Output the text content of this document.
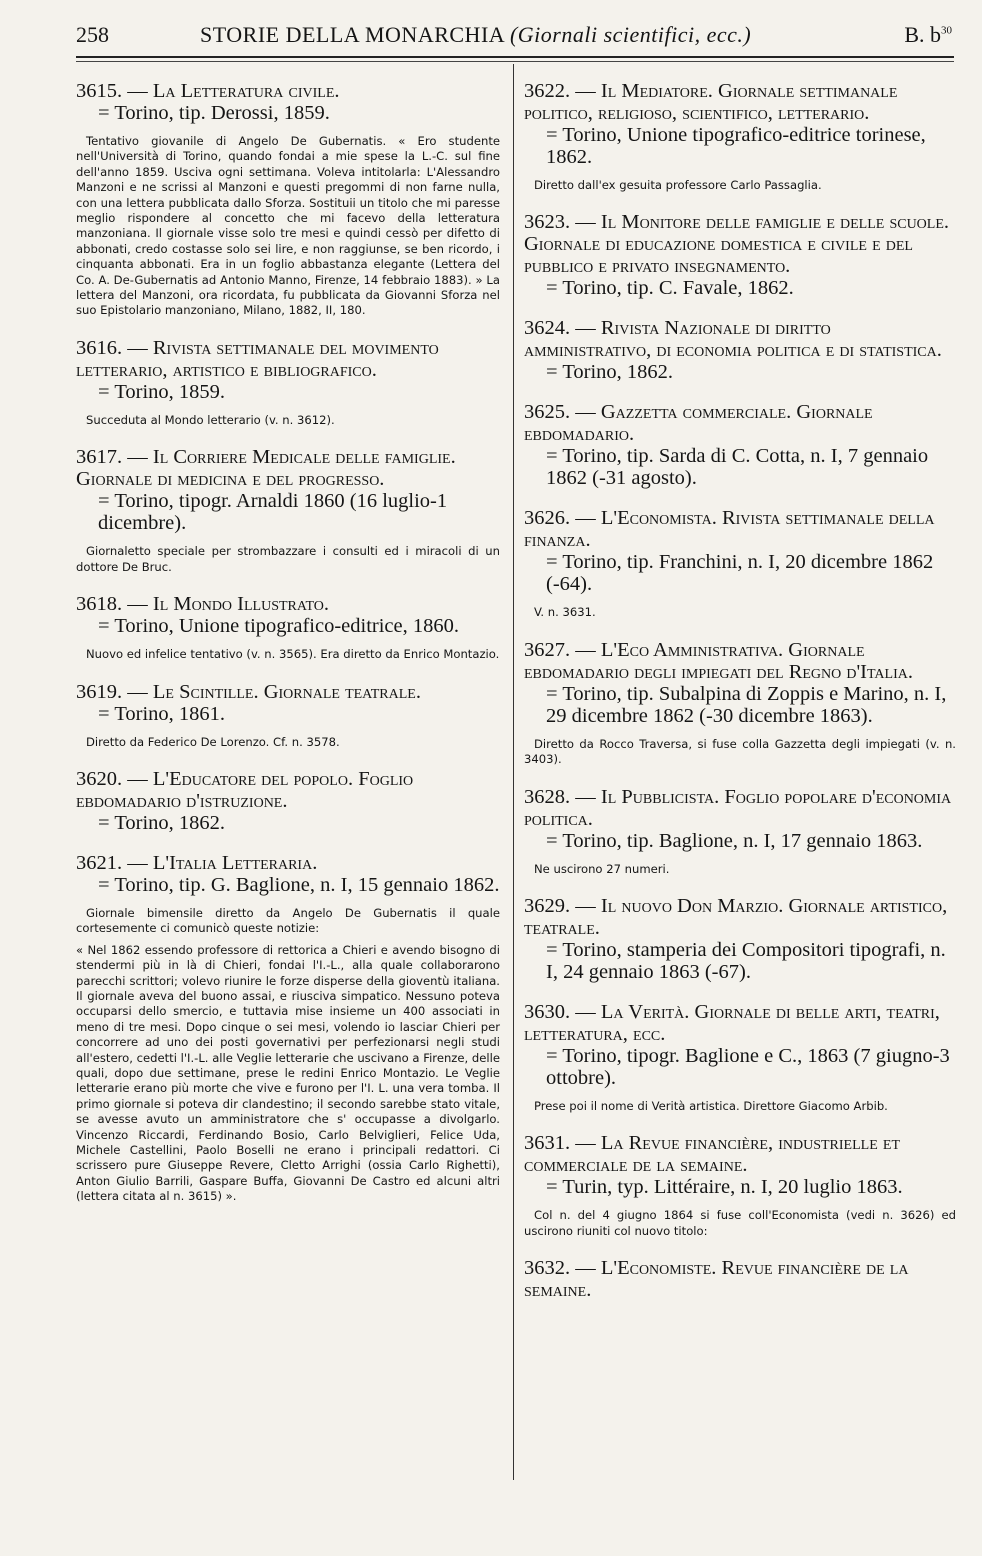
258	STORIE DELLA MONARCHIA (Giornali scientifici, ecc.)	B. $b^{30}$

3615. — La Letteratura civile.

= Torino, tip. Derossi, 1859.

Tentativo giovanile di Angelo De Gubernatis. « Ero studente nell'Università di Torino, quando fondai a mie spese la L.-C. sul fine dell'anno 1859. Usciva ogni settimana. Voleva intitolarla: L'Alessandro Manzoni e ne scrissi al Manzoni e questi pregommi di non farne nulla, con una lettera pubblicata dallo Sforza. Sostituii un titolo che mi paresse meglio rispondere al concetto che mi facevo della letteratura manzoniana. Il giornale visse solo tre mesi e quindi cessò per difetto di abbonati, credo costasse solo sei lire, e non raggiunse, se ben ricordo, i cinquanta abbonati. Era in un foglio abbastanza elegante (Lettera del Co. A. De-Gubernatis ad Antonio Manno, Firenze, 14 febbraio 1883). » La lettera del Manzoni, ora ricordata, fu pubblicata da Giovanni Sforza nel suo Epistolario manzoniano, Milano, 1882, II, 180.

3616. — Rivista settimanale del movimento letterario, artistico e bibliografico.

= Torino, 1859.

Succeduta al Mondo letterario (v. n. 3612).

3617. — Il Corriere Medicale delle famiglie. Giornale di medicina e del progresso.

= Torino, tipogr. Arnaldi 1860 (16 luglio-1 dicembre).

Giornaletto speciale per strombazzare i consulti ed i miracoli di un dottore De Bruc.

3618. — Il Mondo Illustrato.

= Torino, Unione tipografico-editrice, 1860.

Nuovo ed infelice tentativo (v. n. 3565). Era diretto da Enrico Montazio.

3619. — Le Scintille. Giornale teatrale.

= Torino, 1861.

Diretto da Federico De Lorenzo. Cf. n. 3578.

3620. — L'Educatore del popolo. Foglio ebdomadario d'istruzione.

= Torino, 1862.

3621. — L'Italia Letteraria.

= Torino, tip. G. Baglione, n. I, 15 gennaio 1862.

Giornale bimensile diretto da Angelo De Gubernatis il quale cortesemente ci comunicò queste notizie:

« Nel 1862 essendo professore di rettorica a Chieri e avendo bisogno di stendermi più in là di Chieri, fondai l'I.-L., alla quale collaborarono parecchi scrittori; volevo riunire le forze disperse della gioventù italiana. Il giornale aveva del buono assai, e riusciva simpatico. Nessuno poteva occuparsi dello smercio, e tuttavia mise insieme un 400 associati in meno di tre mesi. Dopo cinque o sei mesi, volendo io lasciar Chieri per concorrere ad uno dei posti governativi per perfezionarsi negli studi all'estero, cedetti l'I.-L. alle Veglie letterarie che uscivano a Firenze, delle quali, dopo due settimane, prese le redini Enrico Montazio. Le Veglie letterarie erano più morte che vive e furono per l'I. L. una vera tomba. Il primo giornale si poteva dir clandestino; il secondo sarebbe stato vitale, se avesse avuto un amministratore che s' occupasse a divolgarlo. Vincenzo Riccardi, Ferdinando Bosio, Carlo Belviglieri, Felice Uda, Michele Castellini, Paolo Boselli ne erano i principali redattori. Ci scrissero pure Giuseppe Revere, Cletto Arrighi (ossia Carlo Righetti), Anton Giulio Barrili, Gaspare Buffa, Giovanni De Castro ed alcuni altri (lettera citata al n. 3615) ».

3622. — Il Mediatore. Giornale settimanale politico, religioso, scientifico, letterario.

= Torino, Unione tipografico-editrice torinese, 1862.

Diretto dall'ex gesuita professore Carlo Passaglia.

3623. — Il Monitore delle famiglie e delle scuole. Giornale di educazione domestica e civile e del pubblico e privato insegnamento.

= Torino, tip. C. Favale, 1862.

3624. — Rivista Nazionale di diritto amministrativo, di economia politica e di statistica.

= Torino, 1862.

3625. — Gazzetta commerciale. Giornale ebdomadario.

= Torino, tip. Sarda di C. Cotta, n. I, 7 gennaio 1862 (-31 agosto).

3626. — L'Economista. Rivista settimanale della finanza.

= Torino, tip. Franchini, n. I, 20 dicembre 1862 (-64).

V. n. 3631.

3627. — L'Eco Amministrativa. Giornale ebdomadario degli impiegati del Regno d'Italia.

= Torino, tip. Subalpina di Zoppis e Marino, n. I, 29 dicembre 1862 (-30 dicembre 1863).

Diretto da Rocco Traversa, si fuse colla Gazzetta degli impiegati (v. n. 3403).

3628. — Il Pubblicista. Foglio popolare d'economia politica.

= Torino, tip. Baglione, n. I, 17 gennaio 1863.

Ne uscirono 27 numeri.

3629. — Il nuovo Don Marzio. Giornale artistico, teatrale.

= Torino, stamperia dei Compositori tipografi, n. I, 24 gennaio 1863 (-67).

3630. — La Verità. Giornale di belle arti, teatri, letteratura, ecc.

= Torino, tipogr. Baglione e C., 1863 (7 giugno-3 ottobre).

Prese poi il nome di Verità artistica. Direttore Giacomo Arbib.

3631. — La Revue financière, industrielle et commerciale de la semaine.

= Turin, typ. Littéraire, n. I, 20 luglio 1863.

Col n. del 4 giugno 1864 si fuse coll'Economista (vedi n. 3626) ed uscirono riuniti col nuovo titolo:

3632. — L'Economiste. Revue financière de la semaine.
